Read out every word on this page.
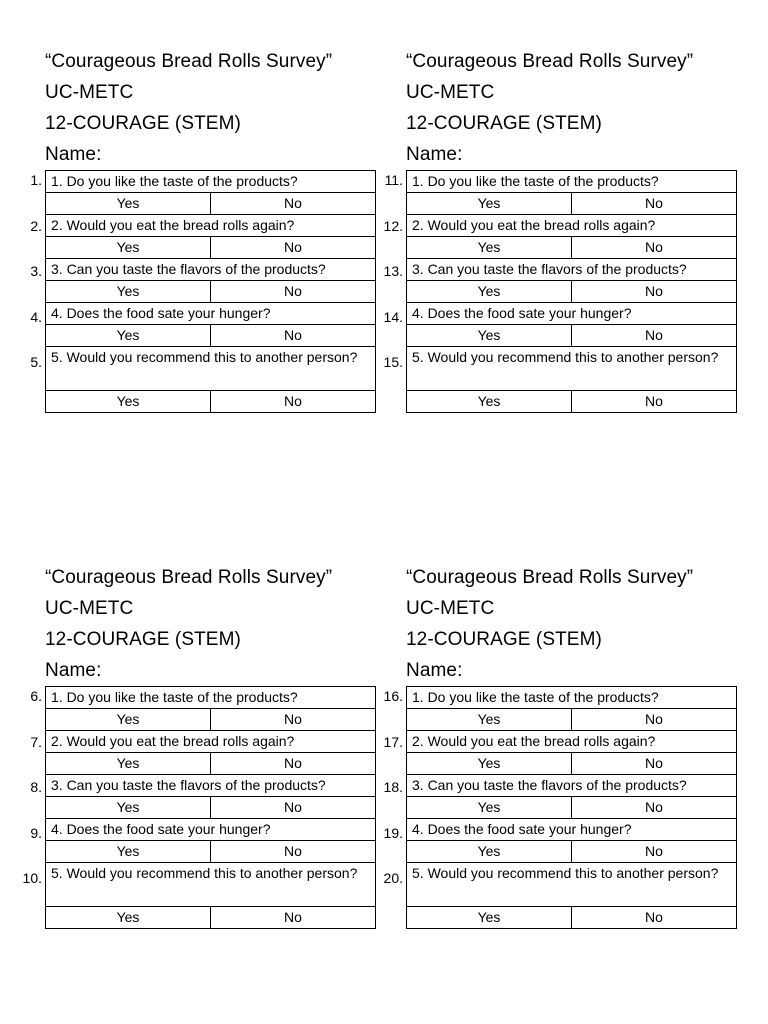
“Courageous Bread Rolls Survey”
UC-METC
12-COURAGE (STEM)
Name:
1. Do you like the taste of the products?	
Yes	No
2. Would you eat the bread rolls again?	
Yes	No
3. Can you taste the flavors of the products?	
Yes	No
4. Does the food sate your hunger?	
Yes	No
5. Would you recommend this to another person?	
Yes	No
1.
2.
3.
4.
5.
“Courageous Bread Rolls Survey”
UC-METC
12-COURAGE (STEM)
Name:
1. Do you like the taste of the products?	
Yes	No
2. Would you eat the bread rolls again?	
Yes	No
3. Can you taste the flavors of the products?	
Yes	No
4. Does the food sate your hunger?	
Yes	No
5. Would you recommend this to another person?	
Yes	No
11.
12.
13.
14.
15.
“Courageous Bread Rolls Survey”
UC-METC
12-COURAGE (STEM)
Name:
1. Do you like the taste of the products?	
Yes	No
2. Would you eat the bread rolls again?	
Yes	No
3. Can you taste the flavors of the products?	
Yes	No
4. Does the food sate your hunger?	
Yes	No
5. Would you recommend this to another person?	
Yes	No
6.
7.
8.
9.
10.
“Courageous Bread Rolls Survey”
UC-METC
12-COURAGE (STEM)
Name:
1. Do you like the taste of the products?	
Yes	No
2. Would you eat the bread rolls again?	
Yes	No
3. Can you taste the flavors of the products?	
Yes	No
4. Does the food sate your hunger?	
Yes	No
5. Would you recommend this to another person?	
Yes	No
16.
17.
18.
19.
20.
